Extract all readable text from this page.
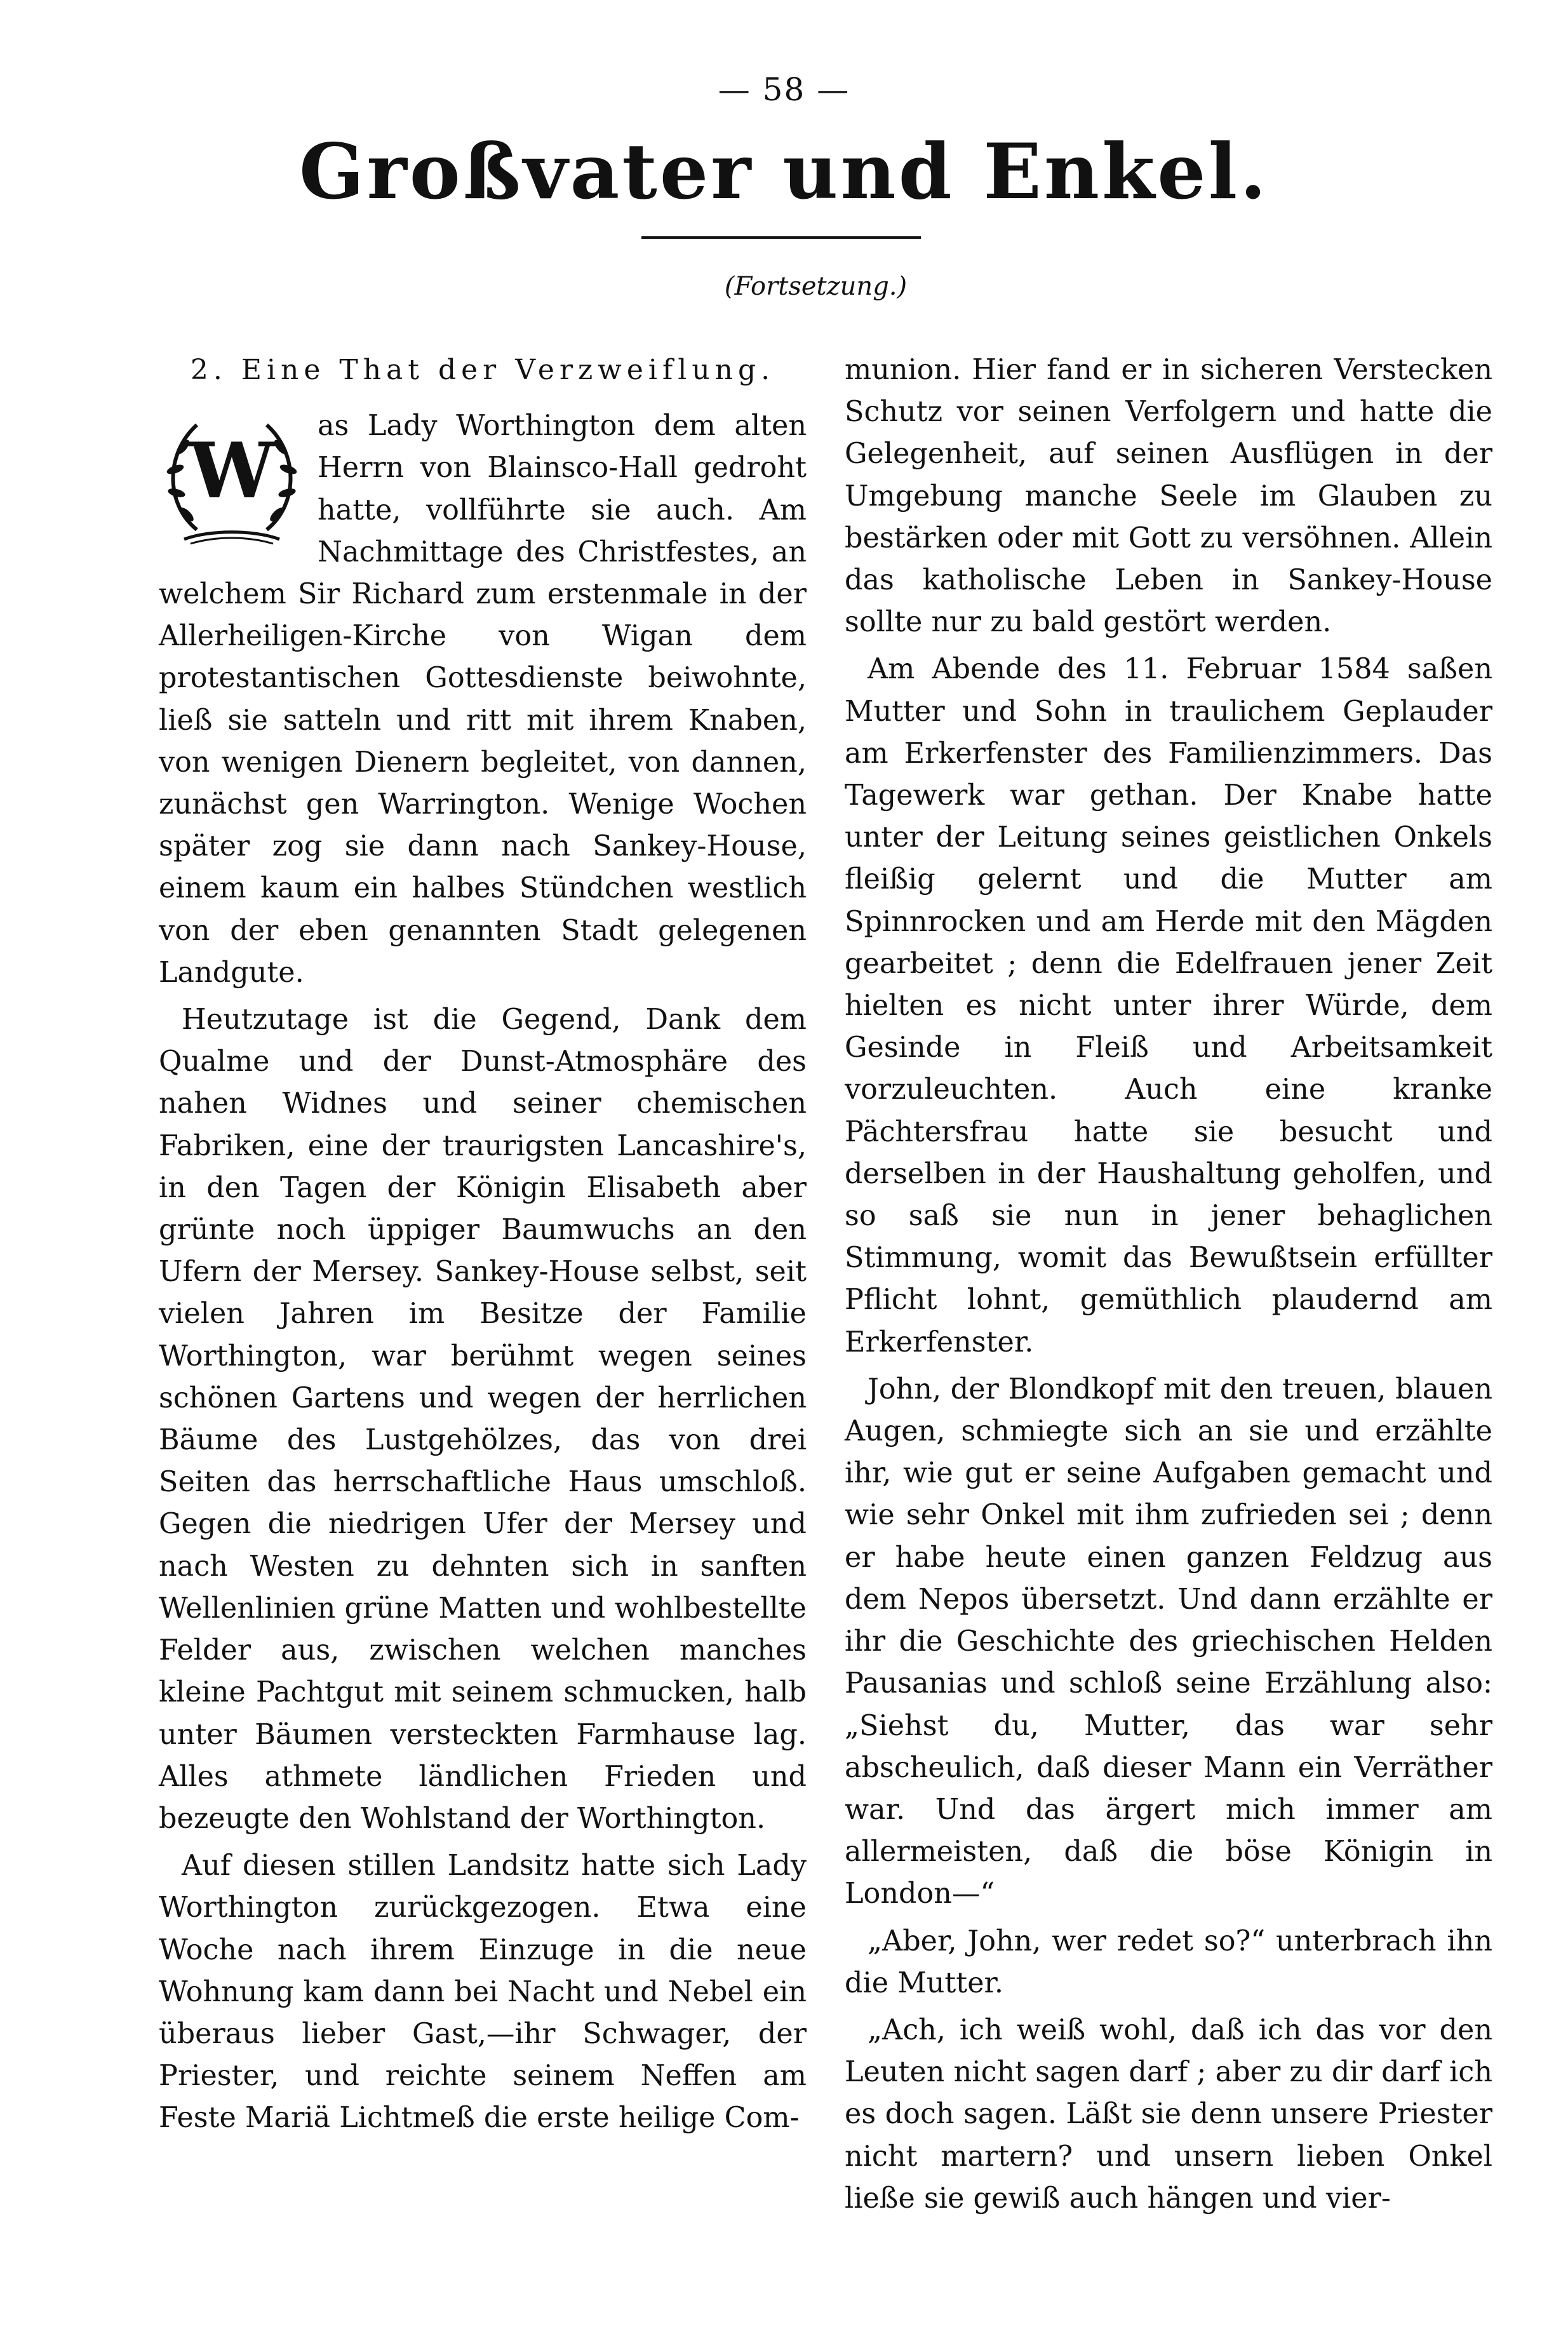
— 58 —
Großvater und Enkel.
(Fortsetzung.)
2. Eine That der Verzweiflung.
W

as Lady Worthington dem alten Herrn von Blainsco-Hall gedroht hatte, vollführte sie auch. Am Nachmittage des Christfestes, an welchem Sir Richard zum erstenmale in der Allerheiligen-Kirche von Wigan dem protestantischen Gottesdienste beiwohnte, ließ sie satteln und ritt mit ihrem Knaben, von wenigen Dienern begleitet, von dannen, zunächst gen Warrington. Wenige Wochen später zog sie dann nach Sankey-House, einem kaum ein halbes Stündchen westlich von der eben genannten Stadt gelegenen Landgute.

Heutzutage ist die Gegend, Dank dem Qualme und der Dunst-Atmosphäre des nahen Widnes und seiner chemischen Fabriken, eine der traurigsten Lancashire's, in den Tagen der Königin Elisabeth aber grünte noch üppiger Baumwuchs an den Ufern der Mersey. Sankey-House selbst, seit vielen Jahren im Besitze der Familie Worthington, war berühmt wegen seines schönen Gartens und wegen der herrlichen Bäume des Lustgehölzes, das von drei Seiten das herrschaftliche Haus umschloß. Gegen die niedrigen Ufer der Mersey und nach Westen zu dehnten sich in sanften Wellenlinien grüne Matten und wohlbestellte Felder aus, zwischen welchen manches kleine Pachtgut mit seinem schmucken, halb unter Bäumen versteckten Farmhause lag. Alles athmete ländlichen Frieden und bezeugte den Wohlstand der Worthington.

Auf diesen stillen Landsitz hatte sich Lady Worthington zurückgezogen. Etwa eine Woche nach ihrem Einzuge in die neue Wohnung kam dann bei Nacht und Nebel ein überaus lieber Gast,—ihr Schwager, der Priester, und reichte seinem Neffen am Feste Mariä Lichtmeß die erste heilige Com-

munion. Hier fand er in sicheren Verstecken Schutz vor seinen Verfolgern und hatte die Gelegenheit, auf seinen Ausflügen in der Umgebung manche Seele im Glauben zu bestärken oder mit Gott zu versöhnen. Allein das katholische Leben in Sankey-House sollte nur zu bald gestört werden.

Am Abende des 11. Februar 1584 saßen Mutter und Sohn in traulichem Geplauder am Erkerfenster des Familienzimmers. Das Tagewerk war gethan. Der Knabe hatte unter der Leitung seines geistlichen Onkels fleißig gelernt und die Mutter am Spinnrocken und am Herde mit den Mägden gearbeitet ; denn die Edelfrauen jener Zeit hielten es nicht unter ihrer Würde, dem Gesinde in Fleiß und Arbeitsamkeit vorzuleuchten. Auch eine kranke Pächtersfrau hatte sie besucht und derselben in der Haushaltung geholfen, und so saß sie nun in jener behaglichen Stimmung, womit das Bewußtsein erfüllter Pflicht lohnt, gemüthlich plaudernd am Erkerfenster.

John, der Blondkopf mit den treuen, blauen Augen, schmiegte sich an sie und erzählte ihr, wie gut er seine Aufgaben gemacht und wie sehr Onkel mit ihm zufrieden sei ; denn er habe heute einen ganzen Feldzug aus dem Nepos übersetzt. Und dann erzählte er ihr die Geschichte des griechischen Helden Pausanias und schloß seine Erzählung also: „Siehst du, Mutter, das war sehr abscheulich, daß dieser Mann ein Verräther war. Und das ärgert mich immer am allermeisten, daß die böse Königin in London—“

„Aber, John, wer redet so?“ unterbrach ihn die Mutter.

„Ach, ich weiß wohl, daß ich das vor den Leuten nicht sagen darf ; aber zu dir darf ich es doch sagen. Läßt sie denn unsere Priester nicht martern? und unsern lieben Onkel ließe sie gewiß auch hängen und vier-
